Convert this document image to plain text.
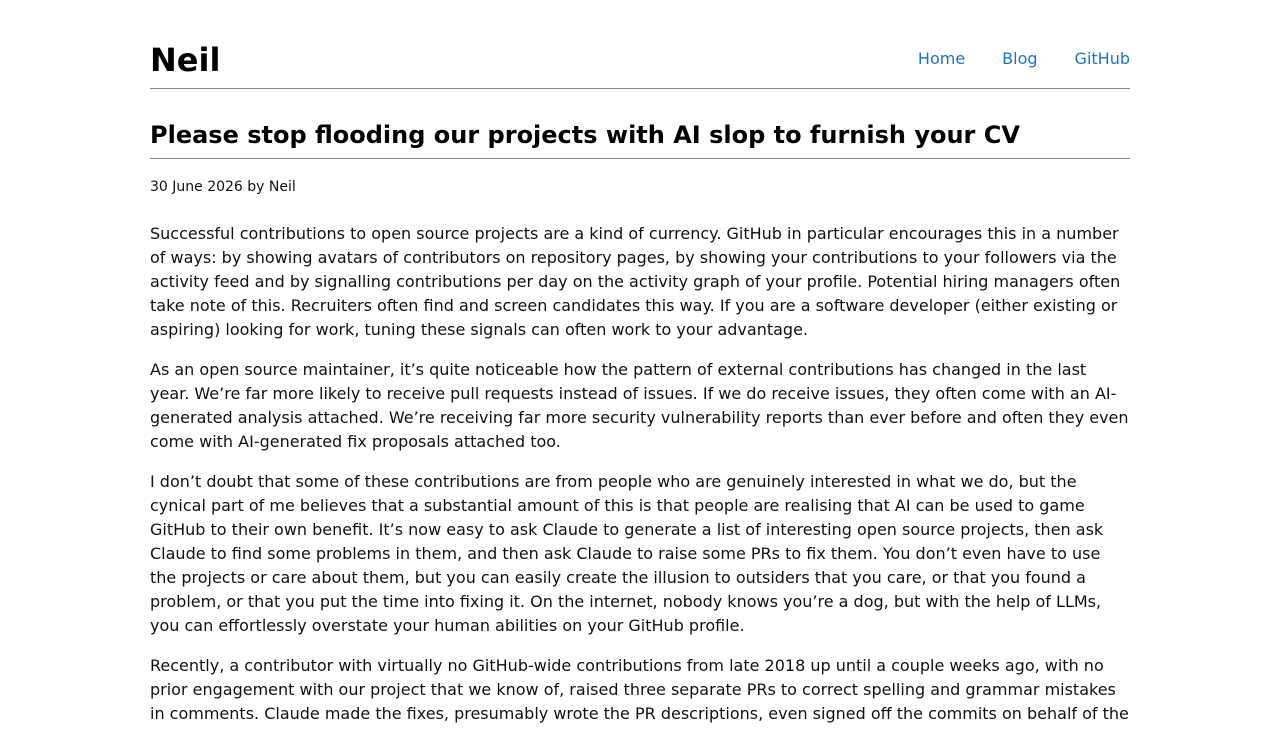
Neil	Home Blog GitHub
Please stop flooding our projects with AI slop to furnish your CV
30 June 2026 by Neil

Successful contributions to open source projects are a kind of currency. GitHub in particular encourages this in a number of ways: by showing avatars of contributors on repository pages, by showing your contributions to your followers via the activity feed and by signalling contributions per day on the activity graph of your profile. Potential hiring managers often take note of this. Recruiters often find and screen candidates this way. If you are a software developer (either existing or aspiring) looking for work, tuning these signals can often work to your advantage.

As an open source maintainer, it’s quite noticeable how the pattern of external contributions has changed in the last year. We’re far more likely to receive pull requests instead of issues. If we do receive issues, they often come with an AI-generated analysis attached. We’re receiving far more security vulnerability reports than ever before and often they even come with AI-generated fix proposals attached too.

I don’t doubt that some of these contributions are from people who are genuinely interested in what we do, but the cynical part of me believes that a substantial amount of this is that people are realising that AI can be used to game GitHub to their own benefit. It’s now easy to ask Claude to generate a list of interesting open source projects, then ask Claude to find some problems in them, and then ask Claude to raise some PRs to fix them. You don’t even have to use the projects or care about them, but you can easily create the illusion to outsiders that you care, or that you found a problem, or that you put the time into fixing it. On the internet, nobody knows you’re a dog, but with the help of LLMs, you can effortlessly overstate your human abilities on your GitHub profile.

Recently, a contributor with virtually no GitHub-wide contributions from late 2018 up until a couple weeks ago, with no prior engagement with our project that we know of, raised three separate PRs to correct spelling and grammar mistakes in comments. Claude made the fixes, presumably wrote the PR descriptions, even signed off the commits on behalf of the
